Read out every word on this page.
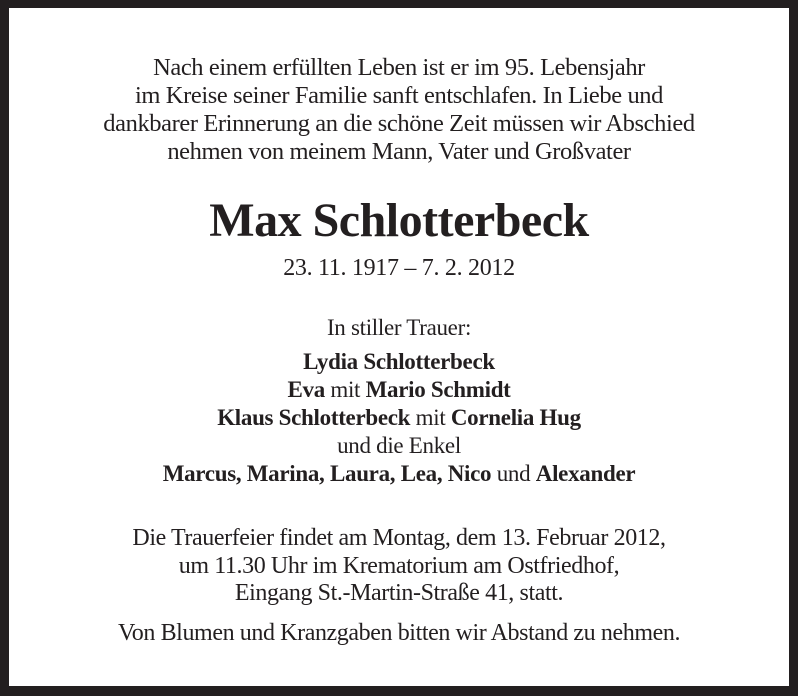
Nach einem erfüllten Leben ist er im 95. Lebensjahr
im Kreise seiner Familie sanft entschlafen. In Liebe und
dankbarer Erinnerung an die schöne Zeit müssen wir Abschied
nehmen von meinem Mann, Vater und Großvater
Max Schlotterbeck
23. 11. 1917 – 7. 2. 2012
In stiller Trauer:
Lydia Schlotterbeck
Eva mit Mario Schmidt
Klaus Schlotterbeck mit Cornelia Hug
und die Enkel
Marcus, Marina, Laura, Lea, Nico und Alexander
Die Trauerfeier findet am Montag, dem 13. Februar 2012,
um 11.30 Uhr im Krematorium am Ostfriedhof,
Eingang St.-Martin-Straße 41, statt.
Von Blumen und Kranzgaben bitten wir Abstand zu nehmen.
